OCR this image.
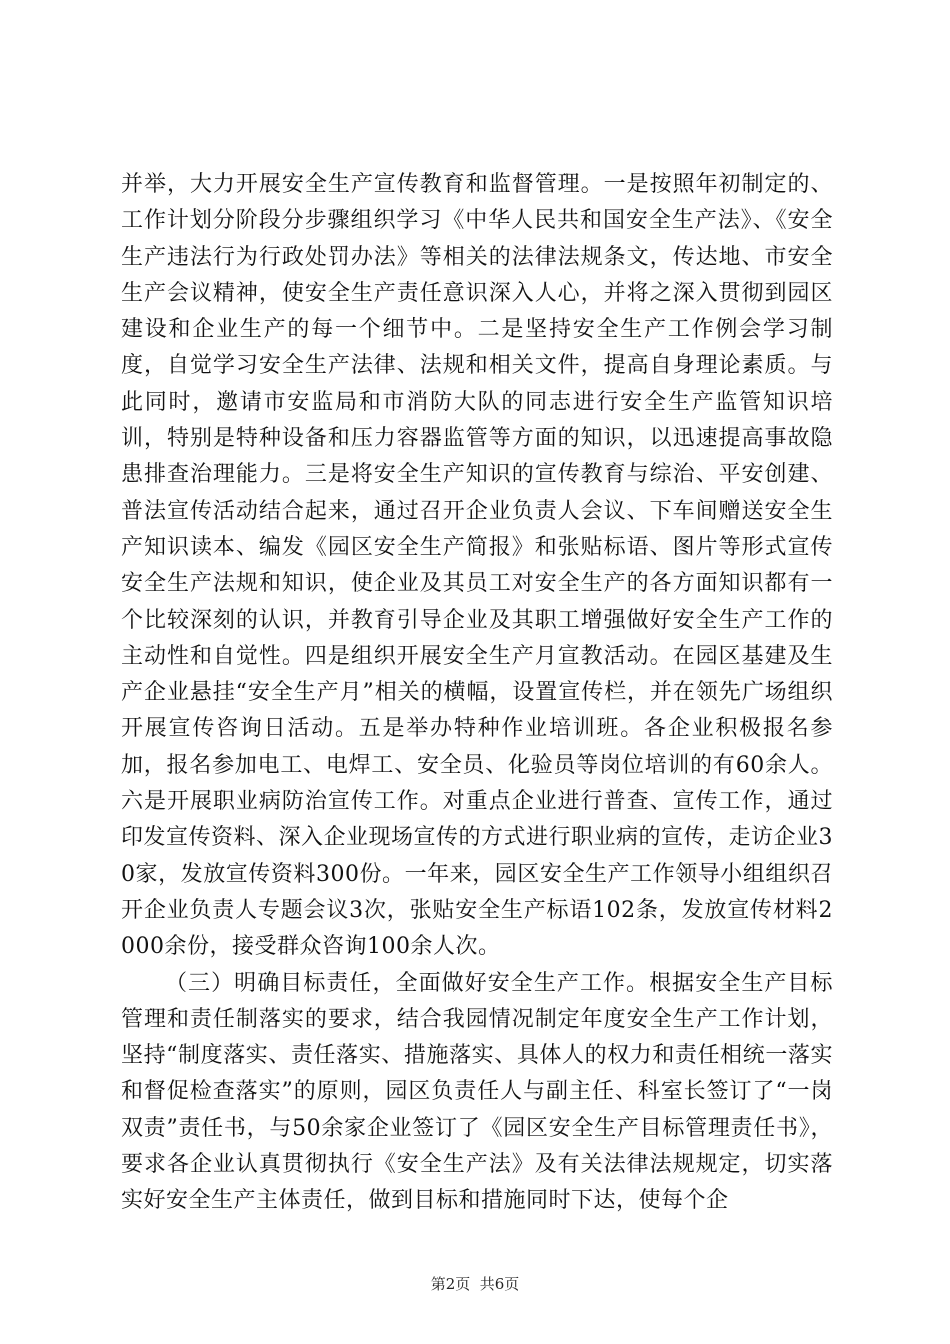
并举，大力开展安全生产宣传教育和监督管理。一是按照年初制定的、工作计划分阶段分步骤组织学习《中华人民共和国安全生产法》、《安全生产违法行为行政处罚办法》等相关的法律法规条文，传达地、市安全生产会议精神，使安全生产责任意识深入人心，并将之深入贯彻到园区建设和企业生产的每一个细节中。二是坚持安全生产工作例会学习制度，自觉学习安全生产法律、法规和相关文件，提高自身理论素质。与此同时，邀请市安监局和市消防大队的同志进行安全生产监管知识培训，特别是特种设备和压力容器监管等方面的知识，以迅速提高事故隐患排查治理能力。三是将安全生产知识的宣传教育与综治、平安创建、普法宣传活动结合起来，通过召开企业负责人会议、下车间赠送安全生产知识读本、编发《园区安全生产简报》和张贴标语、图片等形式宣传安全生产法规和知识，使企业及其员工对安全生产的各方面知识都有一个比较深刻的认识，并教育引导企业及其职工增强做好安全生产工作的主动性和自觉性。四是组织开展安全生产月宣教活动。在园区基建及生产企业悬挂“安全生产月”相关的横幅，设置宣传栏，并在领先广场组织开展宣传咨询日活动。五是举办特种作业培训班。各企业积极报名参加，报名参加电工、电焊工、安全员、化验员等岗位培训的有60余人。六是开展职业病防治宣传工作。对重点企业进行普查、宣传工作，通过印发宣传资料、深入企业现场宣传的方式进行职业病的宣传，走访企业30家，发放宣传资料300份。一年来，园区安全生产工作领导小组组织召开企业负责人专题会议3次，张贴安全生产标语102条，发放宣传材料2000余份，接受群众咨询100余人次。

（三）明确目标责任，全面做好安全生产工作。根据安全生产目标管理和责任制落实的要求，结合我园情况制定年度安全生产工作计划，坚持“制度落实、责任落实、措施落实、具体人的权力和责任相统一落实和督促检查落实”的原则，园区负责任人与副主任、科室长签订了“一岗双责”责任书，与50余家企业签订了《园区安全生产目标管理责任书》，要求各企业认真贯彻执行《安全生产法》及有关法律法规规定，切实落实好安全生产主体责任，做到目标和措施同时下达，使每个企

第2页  共6页
